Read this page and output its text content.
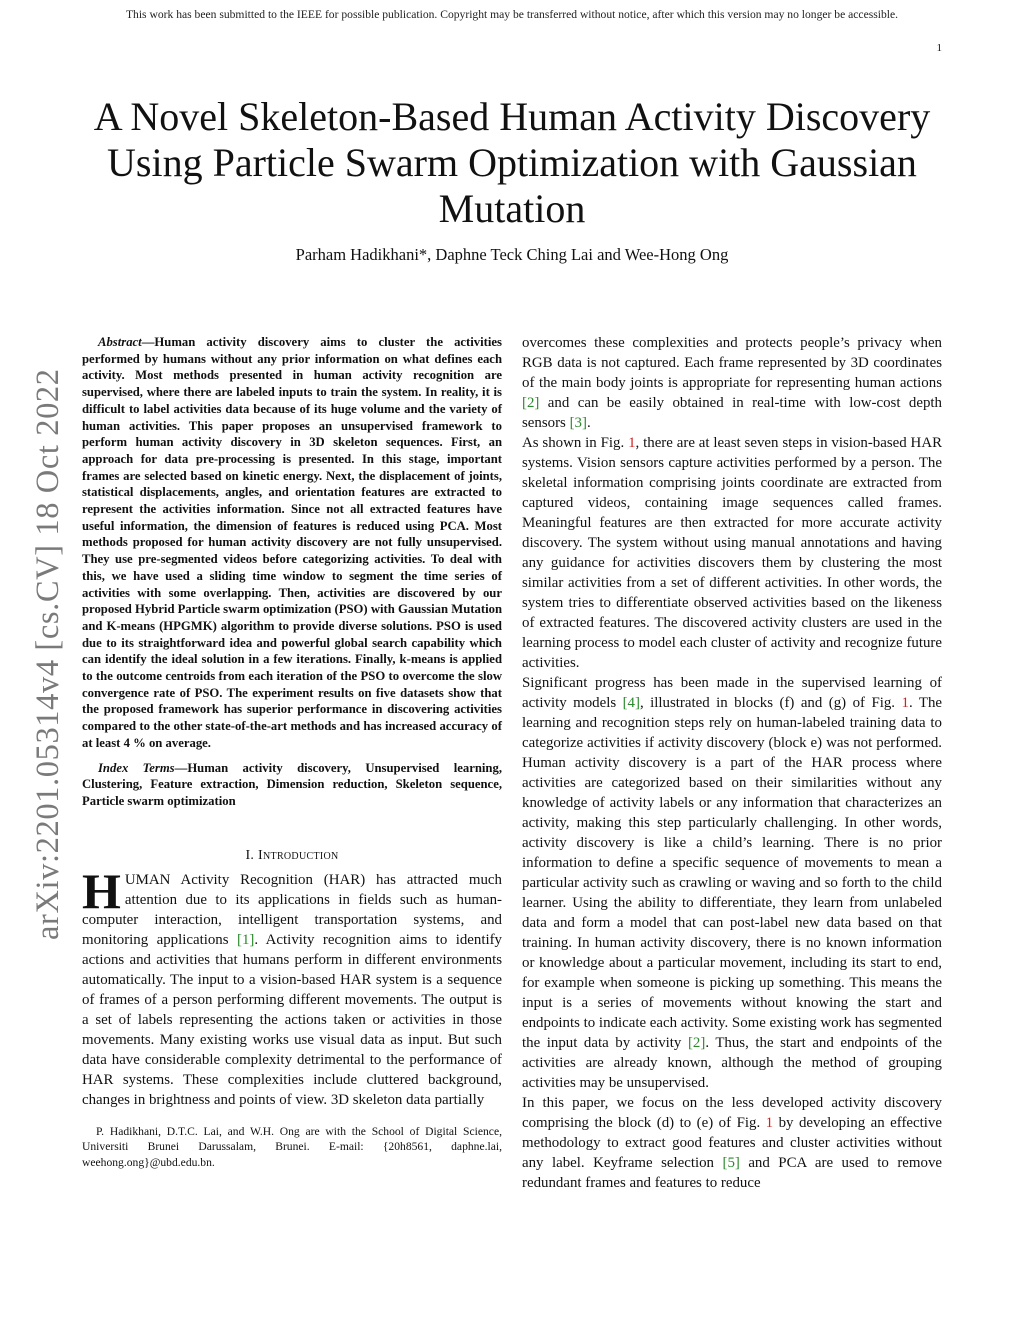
This work has been submitted to the IEEE for possible publication. Copyright may be transferred without notice, after which this version may no longer be accessible.
1
A Novel Skeleton-Based Human Activity Discovery Using Particle Swarm Optimization with Gaussian Mutation
Parham Hadikhani*, Daphne Teck Ching Lai and Wee-Hong Ong
arXiv:2201.05314v4 [cs.CV] 18 Oct 2022

Abstract—Human activity discovery aims to cluster the activities performed by humans without any prior information on what defines each activity. Most methods presented in human activity recognition are supervised, where there are labeled inputs to train the system. In reality, it is difficult to label activities data because of its huge volume and the variety of human activities. This paper proposes an unsupervised framework to perform human activity discovery in 3D skeleton sequences. First, an approach for data pre-processing is presented. In this stage, important frames are selected based on kinetic energy. Next, the displacement of joints, statistical displacements, angles, and orientation features are extracted to represent the activities information. Since not all extracted features have useful information, the dimension of features is reduced using PCA. Most methods proposed for human activity discovery are not fully unsupervised. They use pre-segmented videos before categorizing activities. To deal with this, we have used a sliding time window to segment the time series of activities with some overlapping. Then, activities are discovered by our proposed Hybrid Particle swarm optimization (PSO) with Gaussian Mutation and K-means (HPGMK) algorithm to provide diverse solutions. PSO is used due to its straightforward idea and powerful global search capability which can identify the ideal solution in a few iterations. Finally, k-means is applied to the outcome centroids from each iteration of the PSO to overcome the slow convergence rate of PSO. The experiment results on five datasets show that the proposed framework has superior performance in discovering activities compared to the other state-of-the-art methods and has increased accuracy of at least 4 % on average.

Index Terms—Human activity discovery, Unsupervised learning, Clustering, Feature extraction, Dimension reduction, Skeleton sequence, Particle swarm optimization

I. Introduction

HUMAN Activity Recognition (HAR) has attracted much attention due to its applications in fields such as human-computer interaction, intelligent transportation systems, and monitoring applications [1]. Activity recognition aims to identify actions and activities that humans perform in different environments automatically. The input to a vision-based HAR system is a sequence of frames of a person performing different movements. The output is a set of labels representing the actions taken or activities in those movements. Many existing works use visual data as input. But such data have considerable complexity detrimental to the performance of HAR systems. These complexities include cluttered background, changes in brightness and points of view. 3D skeleton data partially

P. Hadikhani, D.T.C. Lai, and W.H. Ong are with the School of Digital Science, Universiti Brunei Darussalam, Brunei. E-mail: {20h8561, daphne.lai, weehong.ong}@ubd.edu.bn.

overcomes these complexities and protects people’s privacy when RGB data is not captured. Each frame represented by 3D coordinates of the main body joints is appropriate for representing human actions [2] and can be easily obtained in real-time with low-cost depth sensors [3].

As shown in Fig. 1, there are at least seven steps in vision-based HAR systems. Vision sensors capture activities performed by a person. The skeletal information comprising joints coordinate are extracted from captured videos, containing image sequences called frames. Meaningful features are then extracted for more accurate activity discovery. The system without using manual annotations and having any guidance for activities discovers them by clustering the most similar activities from a set of different activities. In other words, the system tries to differentiate observed activities based on the likeness of extracted features. The discovered activity clusters are used in the learning process to model each cluster of activity and recognize future activities.

Significant progress has been made in the supervised learning of activity models [4], illustrated in blocks (f) and (g) of Fig. 1. The learning and recognition steps rely on human-labeled training data to categorize activities if activity discovery (block e) was not performed. Human activity discovery is a part of the HAR process where activities are categorized based on their similarities without any knowledge of activity labels or any information that characterizes an activity, making this step particularly challenging. In other words, activity discovery is like a child’s learning. There is no prior information to define a specific sequence of movements to mean a particular activity such as crawling or waving and so forth to the child learner. Using the ability to differentiate, they learn from unlabeled data and form a model that can post-label new data based on that training. In human activity discovery, there is no known information or knowledge about a particular movement, including its start to end, for example when someone is picking up something. This means the input is a series of movements without knowing the start and endpoints to indicate each activity. Some existing work has segmented the input data by activity [2]. Thus, the start and endpoints of the activities are already known, although the method of grouping activities may be unsupervised.

In this paper, we focus on the less developed activity discovery comprising the block (d) to (e) of Fig. 1 by developing an effective methodology to extract good features and cluster activities without any label. Keyframe selection [5] and PCA are used to remove redundant frames and features to reduce
